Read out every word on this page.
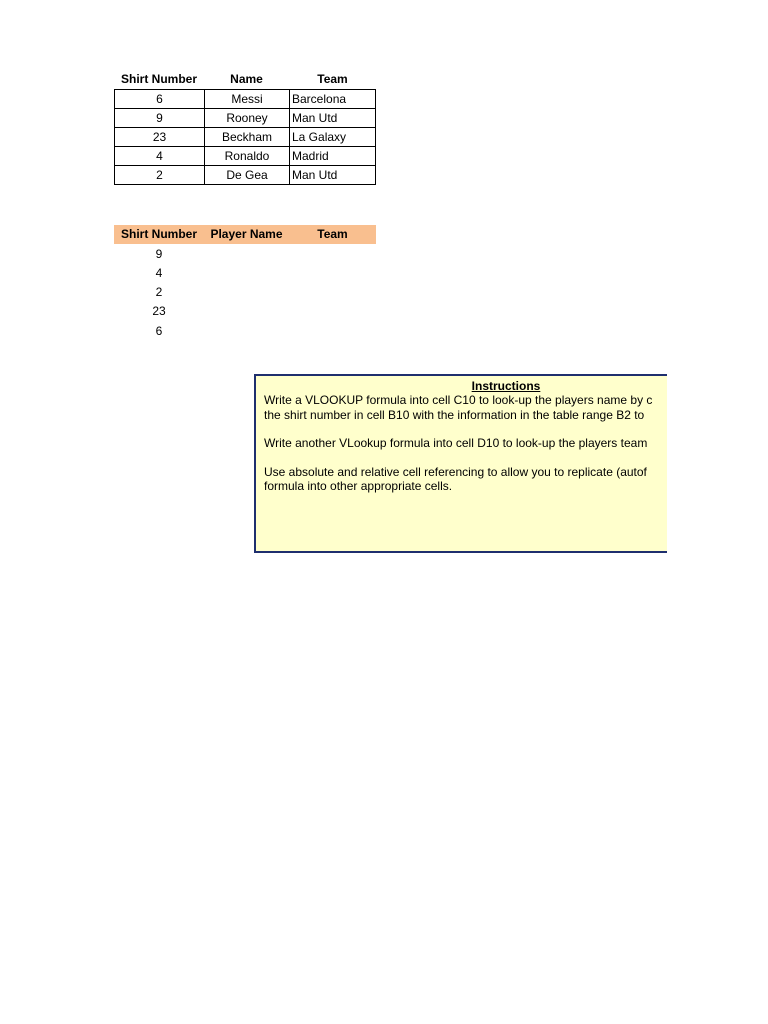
Shirt Number	Name	Team
6	Messi	Barcelona
9	Rooney	Man Utd
23	Beckham	La Galaxy
4	Ronaldo	Madrid
2	De Gea	Man Utd
Shirt Number	Player Name	Team
9
4
2
23
6
Instructions
Write a VLOOKUP formula into cell C10 to look-up the players name by c
the shirt number in cell B10 with the information in the table range B2 to
Write another VLookup formula into cell D10 to look-up the players team
Use absolute and relative cell referencing to allow you to replicate (autof
formula into other appropriate cells.
